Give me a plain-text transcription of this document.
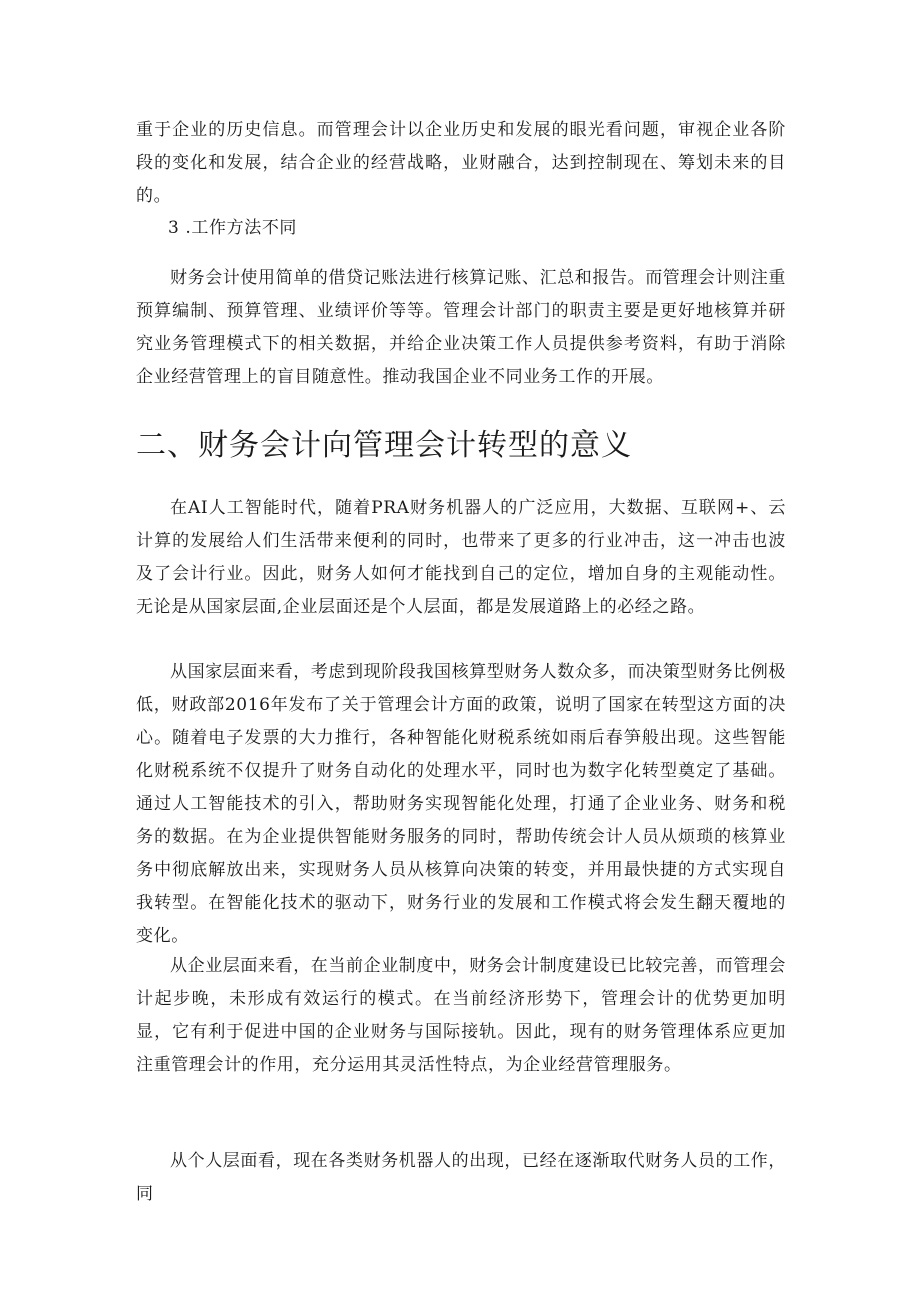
重于企业的历史信息。而管理会计以企业历史和发展的眼光看问题，审视企业各阶段的变化和发展，结合企业的经营战略，业财融合，达到控制现在、筹划未来的目的。

3 .工作方法不同

财务会计使用简单的借贷记账法进行核算记账、汇总和报告。而管理会计则注重预算编制、预算管理、业绩评价等等。管理会计部门的职责主要是更好地核算并研究业务管理模式下的相关数据，并给企业决策工作人员提供参考资料，有助于消除企业经营管理上的盲目随意性。推动我国企业不同业务工作的开展。

二、财务会计向管理会计转型的意义

在AI人工智能时代，随着PRA财务机器人的广泛应用，大数据、互联网+、云计算的发展给人们生活带来便利的同时，也带来了更多的行业冲击，这一冲击也波及了会计行业。因此，财务人如何才能找到自己的定位，增加自身的主观能动性。无论是从国家层面,企业层面还是个人层面，都是发展道路上的必经之路。

从国家层面来看，考虑到现阶段我国核算型财务人数众多，而决策型财务比例极低，财政部2016年发布了关于管理会计方面的政策，说明了国家在转型这方面的决心。随着电子发票的大力推行，各种智能化财税系统如雨后春笋般出现。这些智能化财税系统不仅提升了财务自动化的处理水平，同时也为数字化转型奠定了基础。通过人工智能技术的引入，帮助财务实现智能化处理，打通了企业业务、财务和税务的数据。在为企业提供智能财务服务的同时，帮助传统会计人员从烦琐的核算业务中彻底解放出来，实现财务人员从核算向决策的转变，并用最快捷的方式实现自我转型。在智能化技术的驱动下，财务行业的发展和工作模式将会发生翻天覆地的变化。

从企业层面来看，在当前企业制度中，财务会计制度建设已比较完善，而管理会计起步晚，未形成有效运行的模式。在当前经济形势下，管理会计的优势更加明显，它有利于促进中国的企业财务与国际接轨。因此，现有的财务管理体系应更加注重管理会计的作用，充分运用其灵活性特点，为企业经营管理服务。

从个人层面看，现在各类财务机器人的出现，已经在逐渐取代财务人员的工作，同
